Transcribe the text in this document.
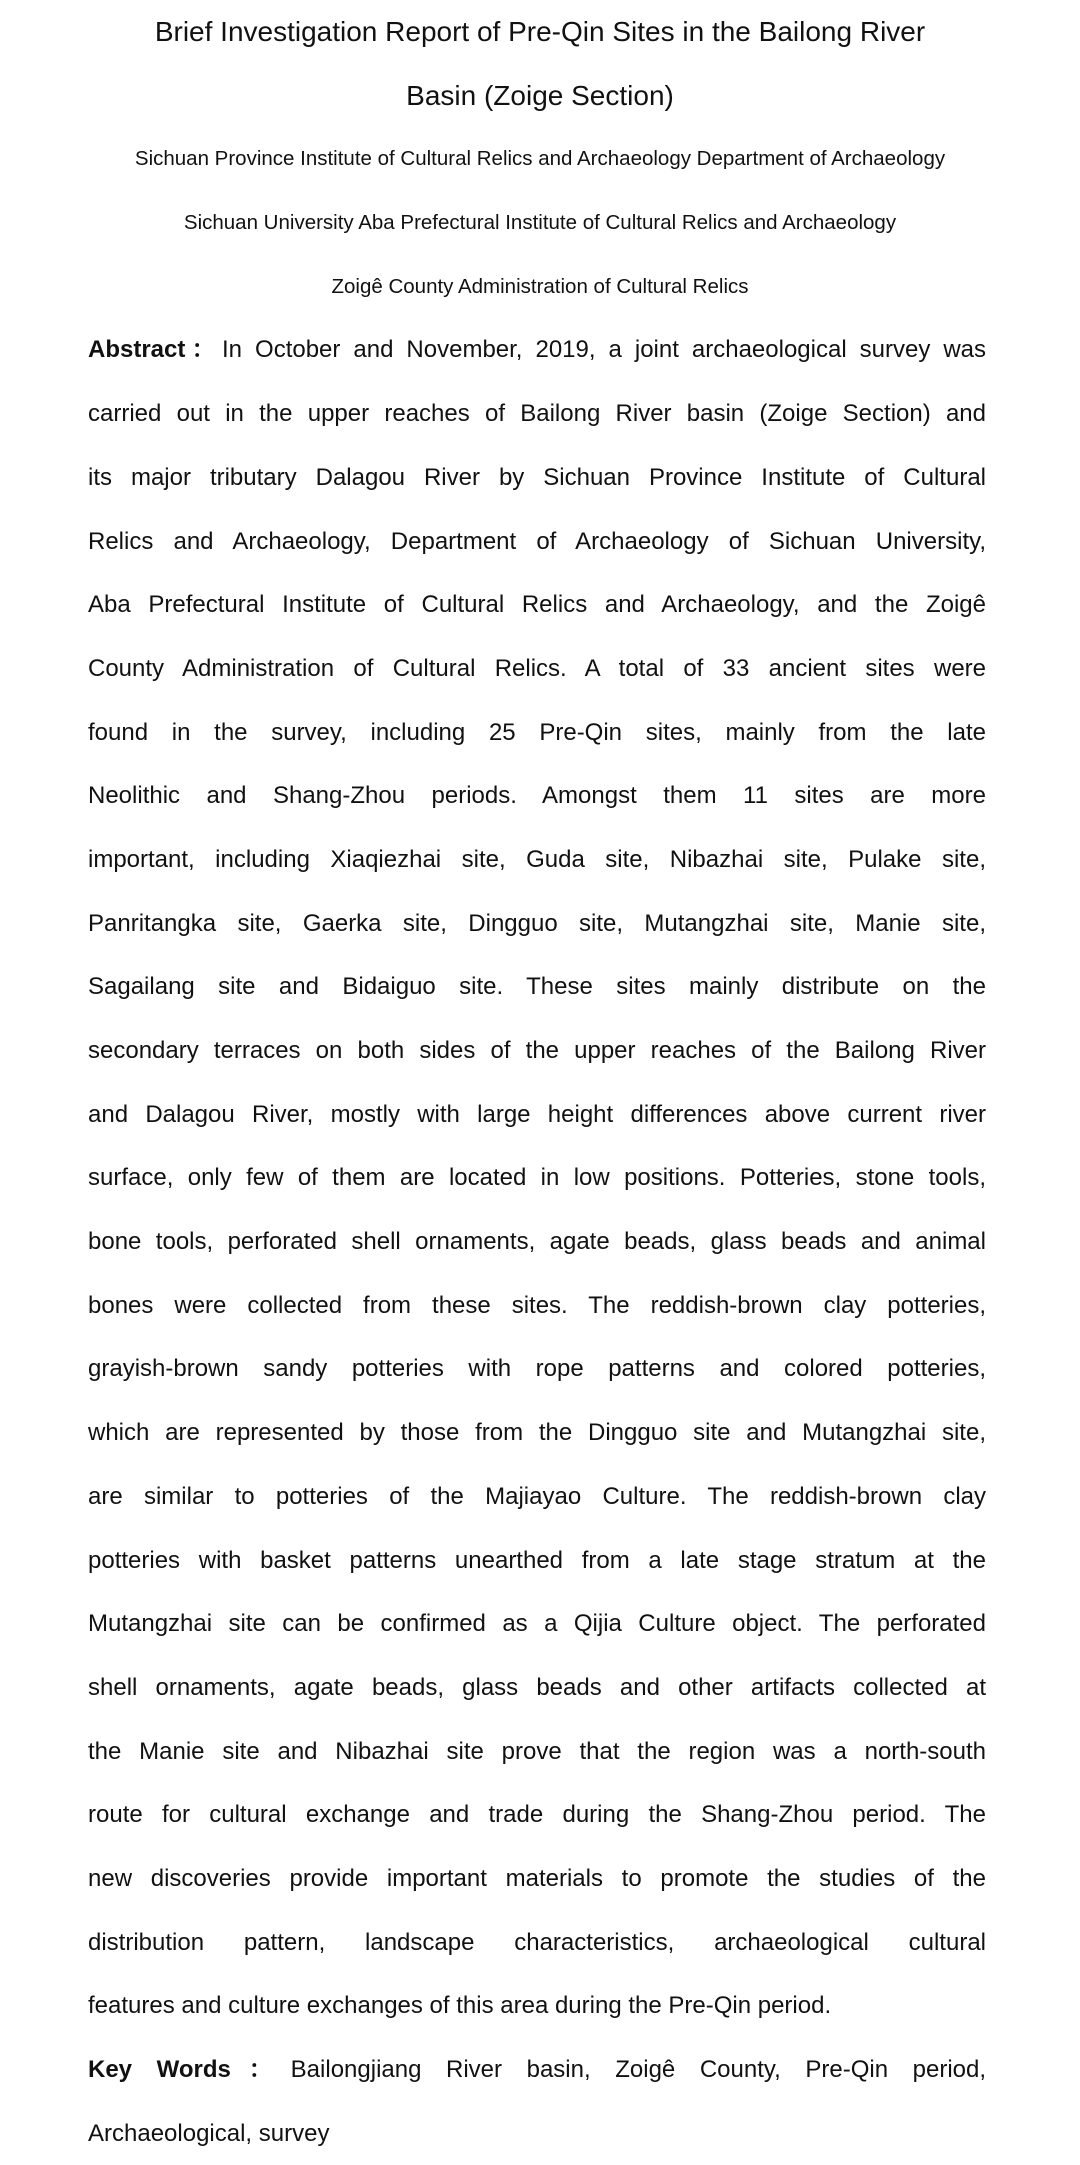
Brief Investigation Report of Pre-Qin Sites in the Bailong River
Basin (Zoige Section)
Sichuan Province Institute of Cultural Relics and Archaeology Department of Archaeology
Sichuan University Aba Prefectural Institute of Cultural Relics and Archaeology
Zoigê County Administration of Cultural Relics
Abstract：In October and November, 2019, a joint archaeological survey was
carried out in the upper reaches of Bailong River basin (Zoige Section) and
its major tributary Dalagou River by Sichuan Province Institute of Cultural
Relics and Archaeology, Department of Archaeology of Sichuan University,
Aba Prefectural Institute of Cultural Relics and Archaeology, and the Zoigê
County Administration of Cultural Relics. A total of 33 ancient sites were
found in the survey, including 25 Pre-Qin sites, mainly from the late
Neolithic and Shang-Zhou periods. Amongst them 11 sites are more
important, including Xiaqiezhai site, Guda site, Nibazhai site, Pulake site,
Panritangka site, Gaerka site, Dingguo site, Mutangzhai site, Manie site,
Sagailang site and Bidaiguo site. These sites mainly distribute on the
secondary terraces on both sides of the upper reaches of the Bailong River
and Dalagou River, mostly with large height differences above current river
surface, only few of them are located in low positions. Potteries, stone tools,
bone tools, perforated shell ornaments, agate beads, glass beads and animal
bones were collected from these sites. The reddish-brown clay potteries,
grayish-brown sandy potteries with rope patterns and colored potteries,
which are represented by those from the Dingguo site and Mutangzhai site,
are similar to potteries of the Majiayao Culture. The reddish-brown clay
potteries with basket patterns unearthed from a late stage stratum at the
Mutangzhai site can be confirmed as a Qijia Culture object. The perforated
shell ornaments, agate beads, glass beads and other artifacts collected at
the Manie site and Nibazhai site prove that the region was a north-south
route for cultural exchange and trade during the Shang-Zhou period. The
new discoveries provide important materials to promote the studies of the
distribution pattern, landscape characteristics, archaeological cultural
features and culture exchanges of this area during the Pre-Qin period.
Key Words：Bailongjiang River basin, Zoigê County, Pre-Qin period,
Archaeological, survey
